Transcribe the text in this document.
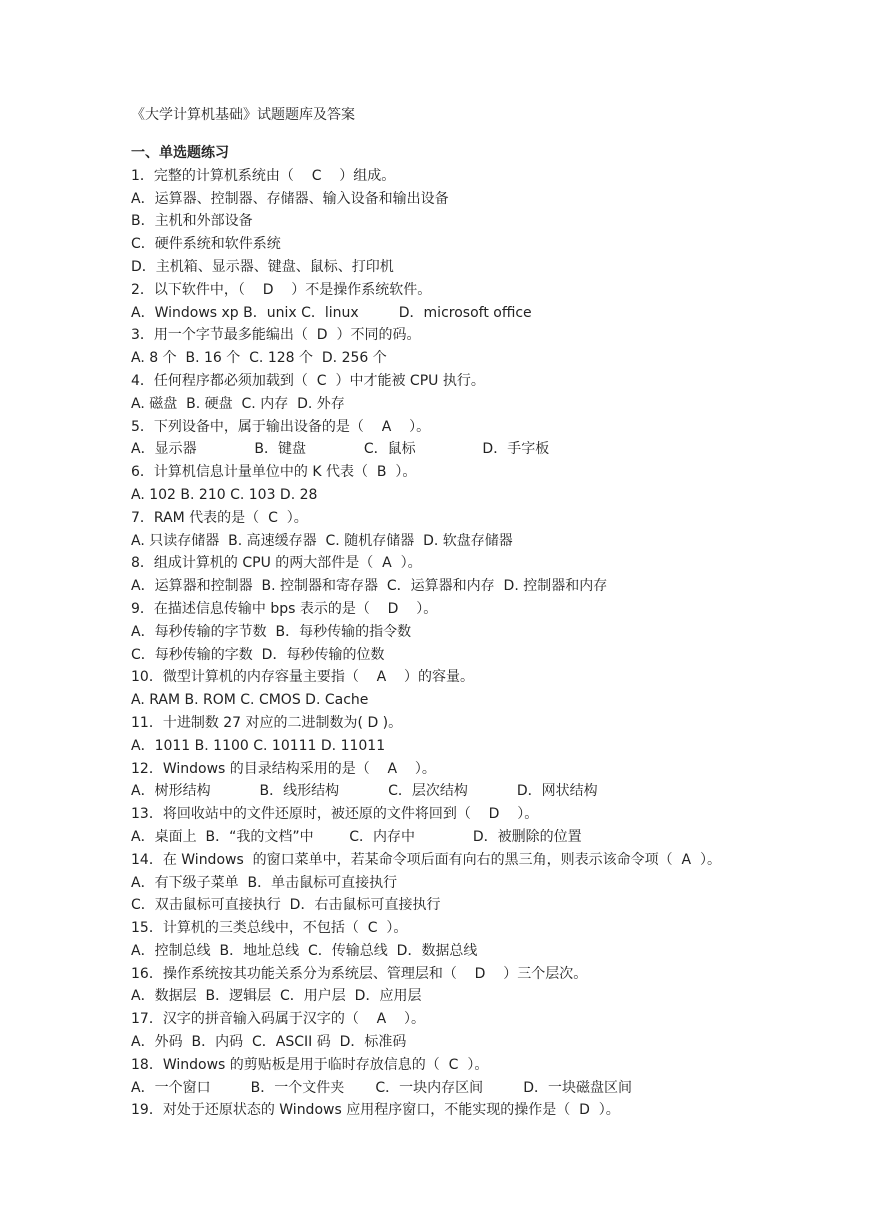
《大学计算机基础》试题题库及答案
一、单选题练习
1．完整的计算机系统由（    C    ）组成。
A．运算器、控制器、存储器、输入设备和输出设备
B．主机和外部设备
C．硬件系统和软件系统
D．主机箱、显示器、键盘、鼠标、打印机
2．以下软件中，（    D    ）不是操作系统软件。
A．Windows xp B．unix C．linux         D．microsoft office
3．用一个字节最多能编出（  D  ）不同的码。
A. 8 个  B. 16 个  C. 128 个  D. 256 个
4．任何程序都必须加载到（  C  ）中才能被 CPU 执行。
A. 磁盘  B. 硬盘  C. 内存  D. 外存
5．下列设备中，属于输出设备的是（    A    ）。
A．显示器             B．键盘             C．鼠标               D．手字板
6．计算机信息计量单位中的 K 代表（  B  ）。
A. 102 B. 210 C. 103 D. 28
7．RAM 代表的是（  C  ）。
A. 只读存储器  B. 高速缓存器  C. 随机存储器  D. 软盘存储器
8．组成计算机的 CPU 的两大部件是（  A  ）。
A．运算器和控制器  B. 控制器和寄存器  C．运算器和内存  D. 控制器和内存
9．在描述信息传输中 bps 表示的是（    D    ）。
A．每秒传输的字节数  B．每秒传输的指令数
C．每秒传输的字数  D．每秒传输的位数
10．微型计算机的内存容量主要指（    A    ）的容量。
A. RAM B. ROM C. CMOS D. Cache
11．十进制数 27 对应的二进制数为( D )。
A．1011 B. 1100 C. 10111 D. 11011
12．Windows 的目录结构采用的是（    A    ）。
A．树形结构           B．线形结构           C．层次结构           D．网状结构
13．将回收站中的文件还原时，被还原的文件将回到（    D    ）。
A．桌面上  B．“我的文档”中        C．内存中             D．被删除的位置
14．在 Windows  的窗口菜单中，若某命令项后面有向右的黑三角，则表示该命令项（  A  ）。
A．有下级子菜单  B．单击鼠标可直接执行
C．双击鼠标可直接执行  D．右击鼠标可直接执行
15．计算机的三类总线中，不包括（  C  ）。
A．控制总线  B．地址总线  C．传输总线  D．数据总线
16．操作系统按其功能关系分为系统层、管理层和（    D    ）三个层次。
A．数据层  B．逻辑层  C．用户层  D．应用层
17．汉字的拼音输入码属于汉字的（    A    ）。
A．外码  B．内码  C．ASCII 码  D．标准码
18．Windows 的剪贴板是用于临时存放信息的（  C  ）。
A．一个窗口         B．一个文件夹       C．一块内存区间         D．一块磁盘区间
19．对处于还原状态的 Windows 应用程序窗口，不能实现的操作是（  D  ）。
